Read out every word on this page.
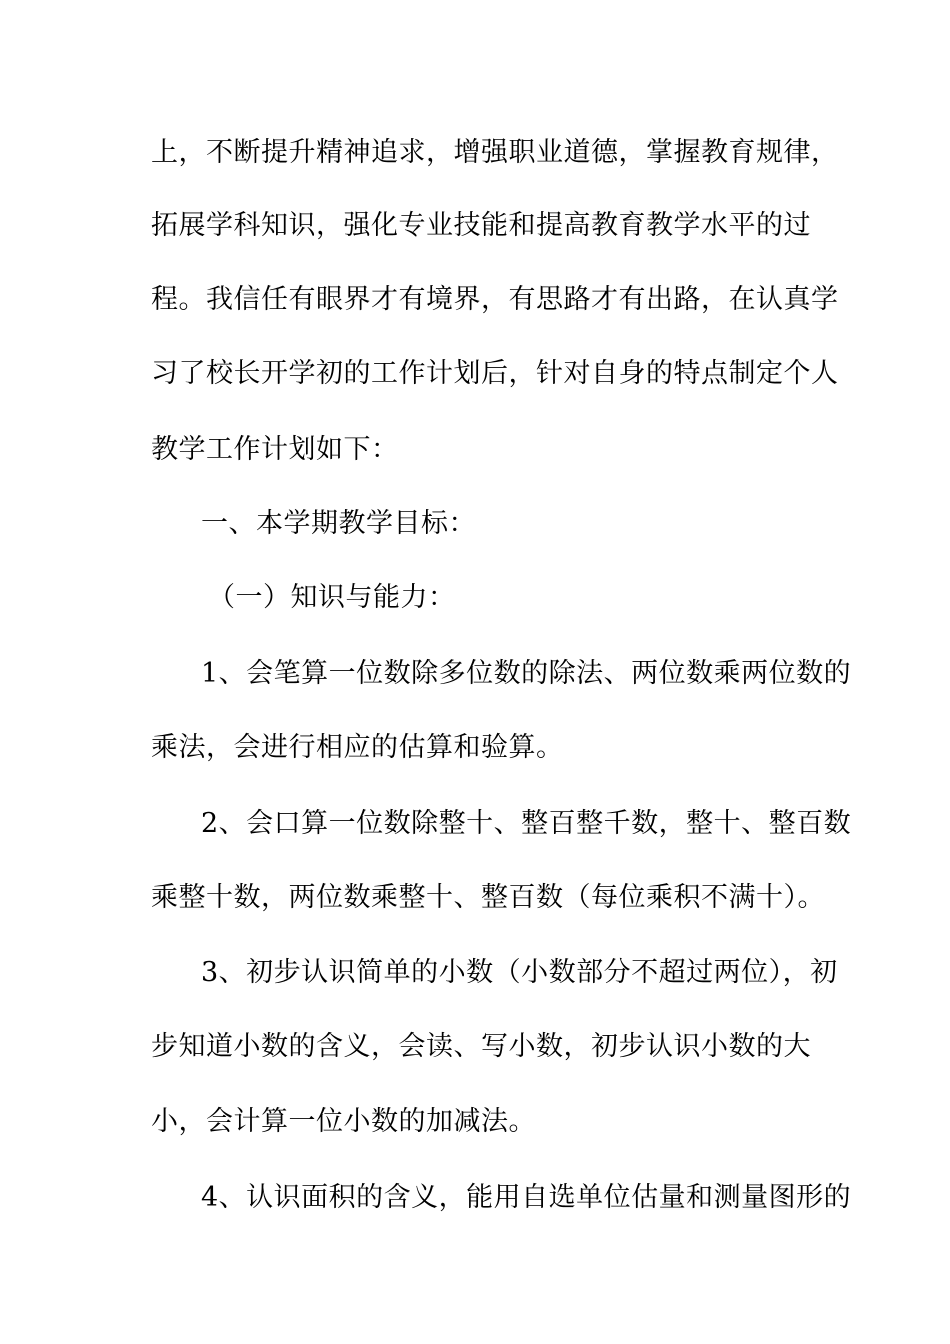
上，不断提升精神追求，增强职业道德，掌握教育规律，
拓展学科知识，强化专业技能和提高教育教学水平的过
程。我信任有眼界才有境界，有思路才有出路，在认真学
习了校长开学初的工作计划后，针对自身的特点制定个人
教学工作计划如下：
一、本学期教学目标：
（一）知识与能力：
1、会笔算一位数除多位数的除法、两位数乘两位数的
乘法，会进行相应的估算和验算。
2、会口算一位数除整十、整百整千数，整十、整百数
乘整十数，两位数乘整十、整百数（每位乘积不满十）。
3、初步认识简单的小数（小数部分不超过两位），初
步知道小数的含义，会读、写小数，初步认识小数的大
小，会计算一位小数的加减法。
4、认识面积的含义，能用自选单位估量和测量图形的
